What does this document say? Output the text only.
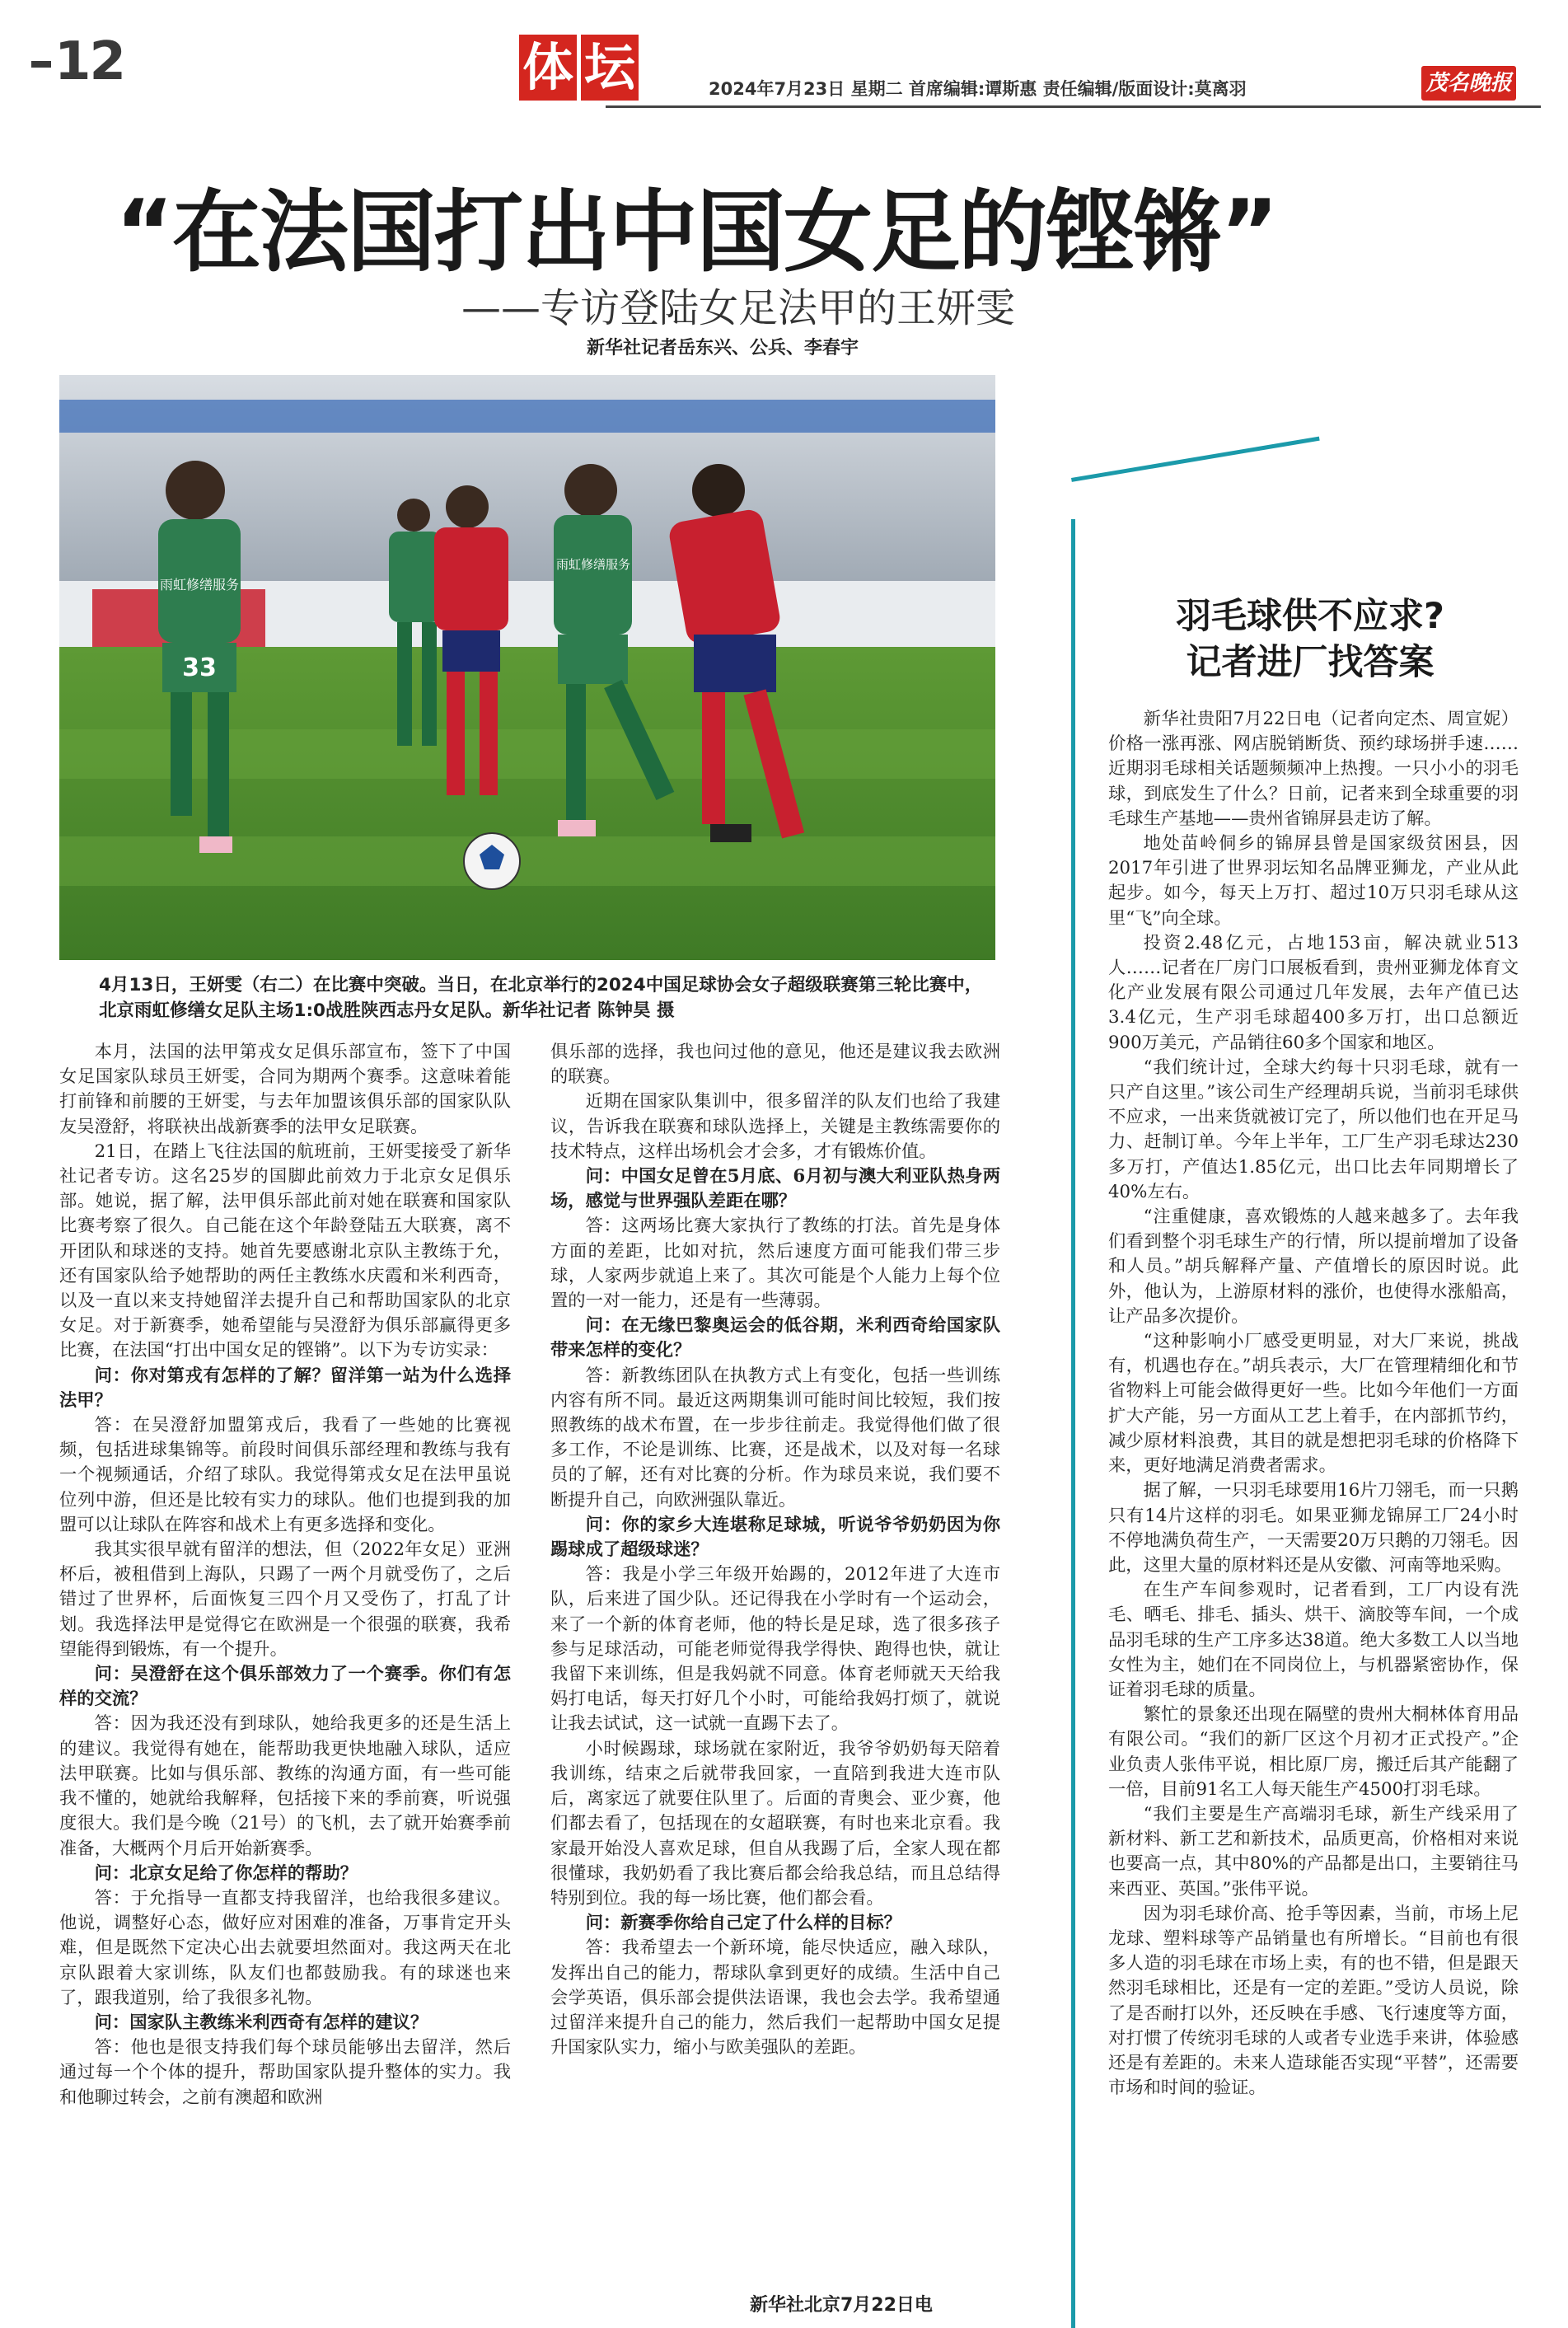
12	体 坛	2024年7月23日 星期二 首席编辑:谭斯惠 责任编辑/版面设计:莫离羽	茂名晚报
“在法国打出中国女足的铿锵”
——专访登陆女足法甲的王妍雯
新华社记者岳东兴、公兵、李春宇
雨虹修缮服务
33
雨虹修缮服务
4月13日，王妍雯（右二）在比赛中突破。当日，在北京举行的2024中国足球协会女子超级联赛第三轮比赛中，北京雨虹修缮女足队主场1:0战胜陕西志丹女足队。新华社记者 陈钟昊 摄

本月，法国的法甲第戎女足俱乐部宣布，签下了中国女足国家队球员王妍雯，合同为期两个赛季。这意味着能打前锋和前腰的王妍雯，与去年加盟该俱乐部的国家队队友吴澄舒，将联袂出战新赛季的法甲女足联赛。

21日，在踏上飞往法国的航班前，王妍雯接受了新华社记者专访。这名25岁的国脚此前效力于北京女足俱乐部。她说，据了解，法甲俱乐部此前对她在联赛和国家队比赛考察了很久。自己能在这个年龄登陆五大联赛，离不开团队和球迷的支持。她首先要感谢北京队主教练于允，还有国家队给予她帮助的两任主教练水庆霞和米利西奇，以及一直以来支持她留洋去提升自己和帮助国家队的北京女足。对于新赛季，她希望能与吴澄舒为俱乐部赢得更多比赛，在法国“打出中国女足的铿锵”。以下为专访实录：

问：你对第戎有怎样的了解？留洋第一站为什么选择法甲？

答：在吴澄舒加盟第戎后，我看了一些她的比赛视频，包括进球集锦等。前段时间俱乐部经理和教练与我有一个视频通话，介绍了球队。我觉得第戎女足在法甲虽说位列中游，但还是比较有实力的球队。他们也提到我的加盟可以让球队在阵容和战术上有更多选择和变化。

我其实很早就有留洋的想法，但（2022年女足）亚洲杯后，被租借到上海队，只踢了一两个月就受伤了，之后错过了世界杯，后面恢复三四个月又受伤了，打乱了计划。我选择法甲是觉得它在欧洲是一个很强的联赛，我希望能得到锻炼，有一个提升。

问：吴澄舒在这个俱乐部效力了一个赛季。你们有怎样的交流？

答：因为我还没有到球队，她给我更多的还是生活上的建议。我觉得有她在，能帮助我更快地融入球队，适应法甲联赛。比如与俱乐部、教练的沟通方面，有一些可能我不懂的，她就给我解释，包括接下来的季前赛，听说强度很大。我们是今晚（21号）的飞机，去了就开始赛季前准备，大概两个月后开始新赛季。

问：北京女足给了你怎样的帮助？

答：于允指导一直都支持我留洋，也给我很多建议。他说，调整好心态，做好应对困难的准备，万事肯定开头难，但是既然下定决心出去就要坦然面对。我这两天在北京队跟着大家训练，队友们也都鼓励我。有的球迷也来了，跟我道别，给了我很多礼物。

问：国家队主教练米利西奇有怎样的建议？

答：他也是很支持我们每个球员能够出去留洋，然后通过每一个个体的提升，帮助国家队提升整体的实力。我和他聊过转会，之前有澳超和欧洲

俱乐部的选择，我也问过他的意见，他还是建议我去欧洲的联赛。

近期在国家队集训中，很多留洋的队友们也给了我建议，告诉我在联赛和球队选择上，关键是主教练需要你的技术特点，这样出场机会才会多，才有锻炼价值。

问：中国女足曾在5月底、6月初与澳大利亚队热身两场，感觉与世界强队差距在哪？

答：这两场比赛大家执行了教练的打法。首先是身体方面的差距，比如对抗，然后速度方面可能我们带三步球，人家两步就追上来了。其次可能是个人能力上每个位置的一对一能力，还是有一些薄弱。

问：在无缘巴黎奥运会的低谷期，米利西奇给国家队带来怎样的变化？

答：新教练团队在执教方式上有变化，包括一些训练内容有所不同。最近这两期集训可能时间比较短，我们按照教练的战术布置，在一步步往前走。我觉得他们做了很多工作，不论是训练、比赛，还是战术，以及对每一名球员的了解，还有对比赛的分析。作为球员来说，我们要不断提升自己，向欧洲强队靠近。

问：你的家乡大连堪称足球城，听说爷爷奶奶因为你踢球成了超级球迷？

答：我是小学三年级开始踢的，2012年进了大连市队，后来进了国少队。还记得我在小学时有一个运动会，来了一个新的体育老师，他的特长是足球，选了很多孩子参与足球活动，可能老师觉得我学得快、跑得也快，就让我留下来训练，但是我妈就不同意。体育老师就天天给我妈打电话，每天打好几个小时，可能给我妈打烦了，就说让我去试试，这一试就一直踢下去了。

小时候踢球，球场就在家附近，我爷爷奶奶每天陪着我训练，结束之后就带我回家，一直陪到我进大连市队后，离家远了就要住队里了。后面的青奥会、亚少赛，他们都去看了，包括现在的女超联赛，有时也来北京看。我家最开始没人喜欢足球，但自从我踢了后，全家人现在都很懂球，我奶奶看了我比赛后都会给我总结，而且总结得特别到位。我的每一场比赛，他们都会看。

问：新赛季你给自己定了什么样的目标？

答：我希望去一个新环境，能尽快适应，融入球队，发挥出自己的能力，帮球队拿到更好的成绩。生活中自己会学英语，俱乐部会提供法语课，我也会去学。我希望通过留洋来提升自己的能力，然后我们一起帮助中国女足提升国家队实力，缩小与欧美强队的差距。

新华社北京7月22日电
羽毛球供不应求?
记者进厂找答案

新华社贵阳7月22日电（记者向定杰、周宣妮）价格一涨再涨、网店脱销断货、预约球场拼手速……近期羽毛球相关话题频频冲上热搜。一只小小的羽毛球，到底发生了什么？日前，记者来到全球重要的羽毛球生产基地——贵州省锦屏县走访了解。

地处苗岭侗乡的锦屏县曾是国家级贫困县，因2017年引进了世界羽坛知名品牌亚狮龙，产业从此起步。如今，每天上万打、超过10万只羽毛球从这里“飞”向全球。

投资2.48亿元，占地153亩，解决就业513人……记者在厂房门口展板看到，贵州亚狮龙体育文化产业发展有限公司通过几年发展，去年产值已达3.4亿元，生产羽毛球超400多万打，出口总额近900万美元，产品销往60多个国家和地区。

“我们统计过，全球大约每十只羽毛球，就有一只产自这里。”该公司生产经理胡兵说，当前羽毛球供不应求，一出来货就被订完了，所以他们也在开足马力、赶制订单。今年上半年，工厂生产羽毛球达230多万打，产值达1.85亿元，出口比去年同期增长了40%左右。

“注重健康，喜欢锻炼的人越来越多了。去年我们看到整个羽毛球生产的行情，所以提前增加了设备和人员。”胡兵解释产量、产值增长的原因时说。此外，他认为，上游原材料的涨价，也使得水涨船高，让产品多次提价。

“这种影响小厂感受更明显，对大厂来说，挑战有，机遇也存在。”胡兵表示，大厂在管理精细化和节省物料上可能会做得更好一些。比如今年他们一方面扩大产能，另一方面从工艺上着手，在内部抓节约，减少原材料浪费，其目的就是想把羽毛球的价格降下来，更好地满足消费者需求。

据了解，一只羽毛球要用16片刀翎毛，而一只鹅只有14片这样的羽毛。如果亚狮龙锦屏工厂24小时不停地满负荷生产，一天需要20万只鹅的刀翎毛。因此，这里大量的原材料还是从安徽、河南等地采购。

在生产车间参观时，记者看到，工厂内设有洗毛、晒毛、排毛、插头、烘干、滴胶等车间，一个成品羽毛球的生产工序多达38道。绝大多数工人以当地女性为主，她们在不同岗位上，与机器紧密协作，保证着羽毛球的质量。

繁忙的景象还出现在隔壁的贵州大桐林体育用品有限公司。“我们的新厂区这个月初才正式投产。”企业负责人张伟平说，相比原厂房，搬迁后其产能翻了一倍，目前91名工人每天能生产4500打羽毛球。

“我们主要是生产高端羽毛球，新生产线采用了新材料、新工艺和新技术，品质更高，价格相对来说也要高一点，其中80%的产品都是出口，主要销往马来西亚、英国。”张伟平说。

因为羽毛球价高、抢手等因素，当前，市场上尼龙球、塑料球等产品销量也有所增长。“目前也有很多人造的羽毛球在市场上卖，有的也不错，但是跟天然羽毛球相比，还是有一定的差距。”受访人员说，除了是否耐打以外，还反映在手感、飞行速度等方面，对打惯了传统羽毛球的人或者专业选手来讲，体验感还是有差距的。未来人造球能否实现“平替”，还需要市场和时间的验证。
